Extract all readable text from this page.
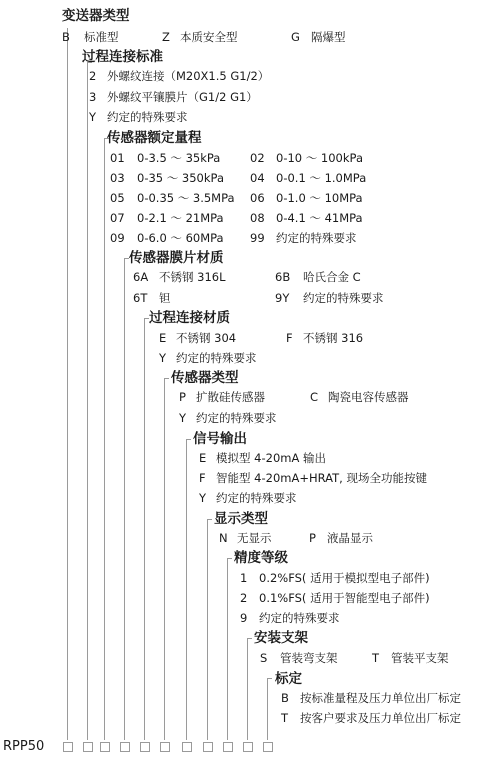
变送器类型
B 标准型	Z 本质安全型	G 隔爆型
过程连接标准
2 外螺纹连接（M20X1.5 G1/2）
3 外螺纹平镶膜片（G1/2 G1）
Y 约定的特殊要求
传感器额定量程
01 0-3.5 ～ 35kPa	02 0-10 ～ 100kPa
03 0-35 ～ 350kPa 04 0-0.1 ～ 1.0MPa
05 0-0.35 ～ 3.5MPa 06 0-1.0 ～ 10MPa
07 0-2.1 ～ 21MPa 08 0-4.1 ～ 41MPa
09 0-6.0 ～ 60MPa 99 约定的特殊要求
传感器膜片材质
6A 不锈钢 316L	6B 哈氏合金 C
6T 钽	9Y 约定的特殊要求
过程连接材质
E 不锈钢 304	F 不锈钢 316
Y 约定的特殊要求
传感器类型
P 扩散硅传感器	C 陶瓷电容传感器
Y 约定的特殊要求
信号输出
E 模拟型 4-20mA 输出
F 智能型 4-20mA+HRAT, 现场全功能按键
Y 约定的特殊要求
显示类型
N 无显示	P 液晶显示
精度等级
1 0.2%FS( 适用于模拟型电子部件)
2 0.1%FS( 适用于智能型电子部件)
9 约定的特殊要求
安装支架
S 管装弯支架	T 管装平支架
标定
B 按标准量程及压力单位出厂标定
T 按客户要求及压力单位出厂标定
RPP50
